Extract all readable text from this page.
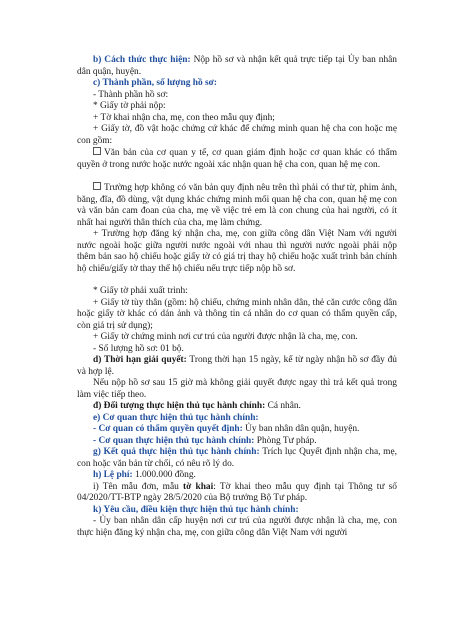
b) Cách thức thực hiện: Nộp hồ sơ và nhận kết quả trực tiếp tại Ủy ban nhân dân quận, huyện.

c) Thành phần, số lượng hồ sơ:

- Thành phần hồ sơ:

* Giấy tờ phải nộp:

+ Tờ khai nhận cha, mẹ, con theo mẫu quy định;

+ Giấy tờ, đồ vật hoặc chứng cứ khác để chứng minh quan hệ cha con hoặc mẹ con gồm:

Văn bản của cơ quan y tế, cơ quan giám định hoặc cơ quan khác có thẩm quyền ở trong nước hoặc nước ngoài xác nhận quan hệ cha con, quan hệ mẹ con.

Trường hợp không có văn bản quy định nêu trên thì phải có thư từ, phim ảnh, băng, đĩa, đồ dùng, vật dụng khác chứng minh mối quan hệ cha con, quan hệ mẹ con và văn bản cam đoan của cha, mẹ về việc trẻ em là con chung của hai người, có ít nhất hai người thân thích của cha, mẹ làm chứng.

+ Trường hợp đăng ký nhận cha, mẹ, con giữa công dân Việt Nam với người nước ngoài hoặc giữa người nước ngoài với nhau thì người nước ngoài phải nộp thêm bản sao hộ chiếu hoặc giấy tờ có giá trị thay hộ chiếu hoặc xuất trình bản chính hộ chiếu/giấy tờ thay thế hộ chiếu nếu trực tiếp nộp hồ sơ.

* Giấy tờ phải xuất trình:

+ Giấy tờ tùy thân (gồm: hộ chiếu, chứng minh nhân dân, thẻ căn cước công dân hoặc giấy tờ khác có dán ảnh và thông tin cá nhân do cơ quan có thẩm quyền cấp, còn giá trị sử dụng);

+ Giấy tờ chứng minh nơi cư trú của người được nhận là cha, mẹ, con.

- Số lượng hồ sơ: 01 bộ.

d) Thời hạn giải quyết: Trong thời hạn 15 ngày, kể từ ngày nhận hồ sơ đầy đủ và hợp lệ.

Nếu nộp hồ sơ sau 15 giờ mà không giải quyết được ngay thì trả kết quả trong làm việc tiếp theo.

đ) Đối tượng thực hiện thủ tục hành chính: Cá nhân.

e) Cơ quan thực hiện thủ tục hành chính:

- Cơ quan có thẩm quyền quyết định: Ủy ban nhân dân quận, huyện.

- Cơ quan thực hiện thủ tục hành chính: Phòng Tư pháp.

g) Kết quả thực hiện thủ tục hành chính: Trích lục Quyết định nhận cha, mẹ, con hoặc văn bản từ chối, có nêu rõ lý do.

h) Lệ phí: 1.000.000 đồng.

i) Tên mẫu đơn, mẫu tờ khai: Tờ khai theo mẫu quy định tại Thông tư số 04/2020/TT-BTP ngày 28/5/2020 của Bộ trưởng Bộ Tư pháp.

k) Yêu cầu, điều kiện thực hiện thủ tục hành chính:

- Ủy ban nhân dân cấp huyện nơi cư trú của người được nhận là cha, mẹ, con thực hiện đăng ký nhận cha, mẹ, con giữa công dân Việt Nam với người
